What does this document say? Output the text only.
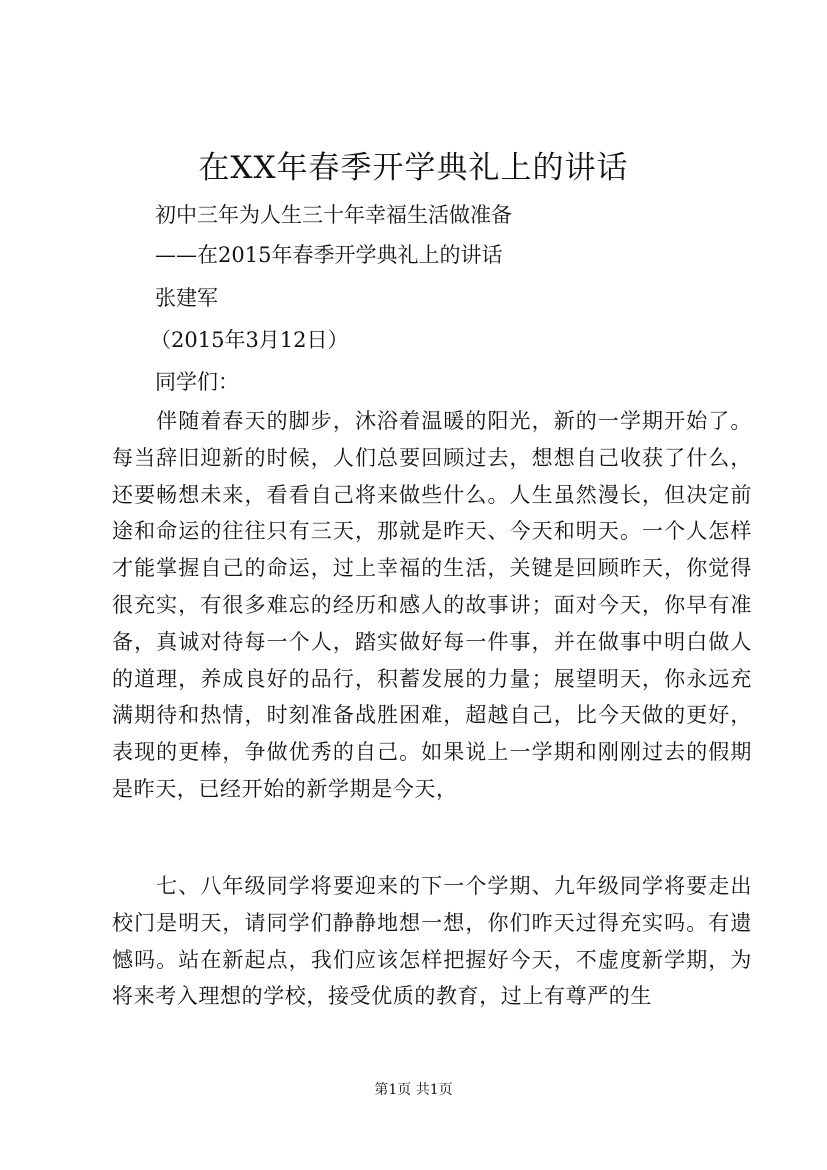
在XX年春季开学典礼上的讲话
初中三年为人生三十年幸福生活做准备
——在2015年春季开学典礼上的讲话
张建军
（2015年3月12日）
同学们：
　　伴随着春天的脚步，沐浴着温暖的阳光，新的一学期开始了。每当辞旧迎新的时候，人们总要回顾过去，想想自己收获了什么，还要畅想未来，看看自己将来做些什么。人生虽然漫长，但决定前途和命运的往往只有三天，那就是昨天、今天和明天。一个人怎样才能掌握自己的命运，过上幸福的生活，关键是回顾昨天，你觉得很充实，有很多难忘的经历和感人的故事讲；面对今天，你早有准备，真诚对待每一个人，踏实做好每一件事，并在做事中明白做人的道理，养成良好的品行，积蓄发展的力量；展望明天，你永远充满期待和热情，时刻准备战胜困难，超越自己，比今天做的更好，表现的更棒，争做优秀的自己。如果说上一学期和刚刚过去的假期是昨天，已经开始的新学期是今天，
　　七、八年级同学将要迎来的下一个学期、九年级同学将要走出校门是明天，请同学们静静地想一想，你们昨天过得充实吗。有遗憾吗。站在新起点，我们应该怎样把握好今天，不虚度新学期，为将来考入理想的学校，接受优质的教育，过上有尊严的生
第1页 共1页
